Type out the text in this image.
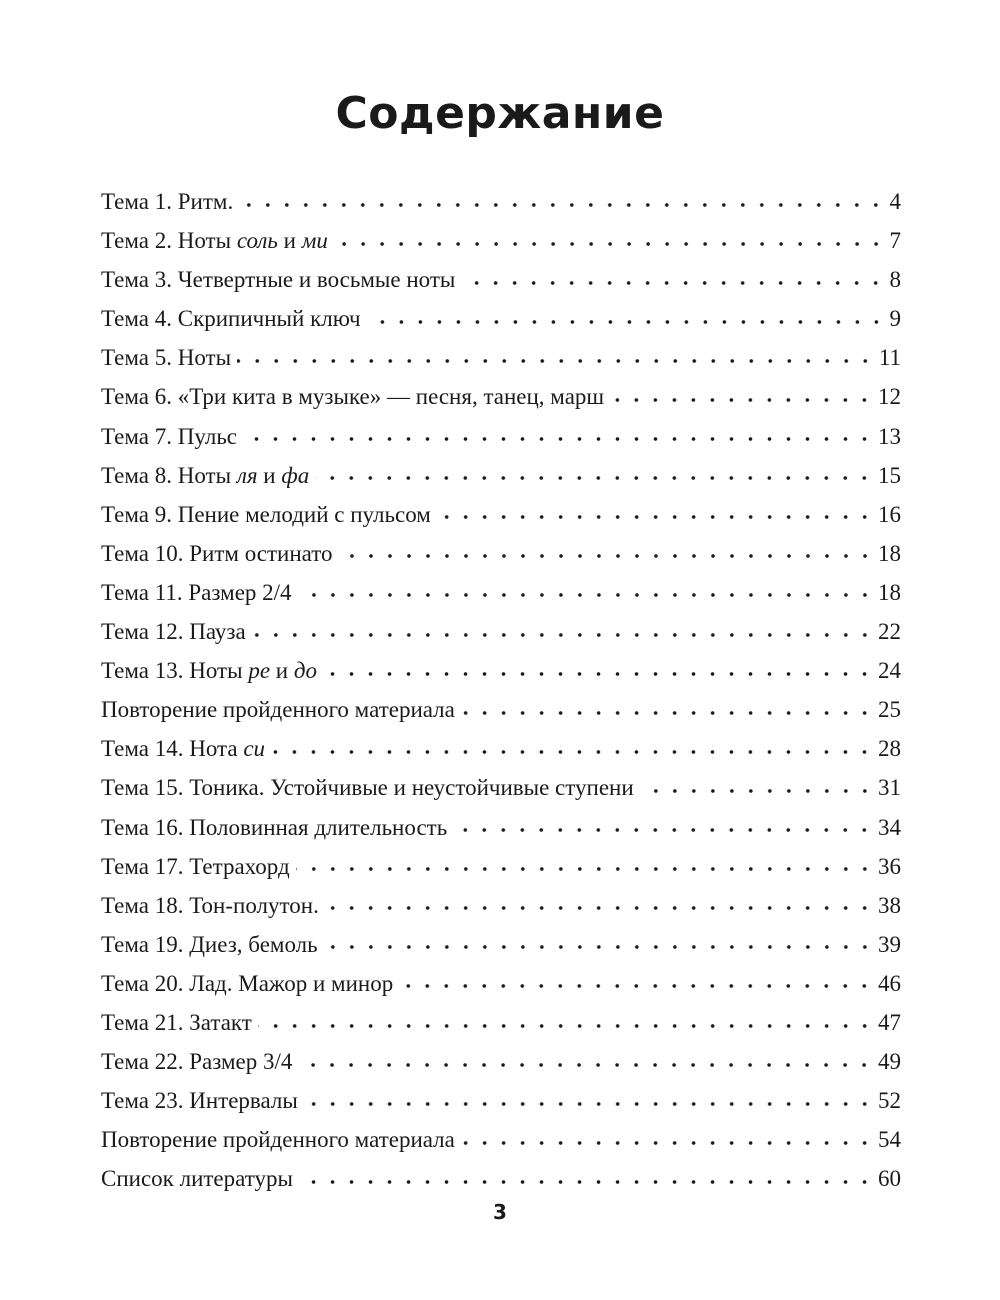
Содержание
Тема 1. Ритм.	4
Тема 2. Ноты соль и ми	7
Тема 3. Четвертные и восьмые ноты	8
Тема 4. Скрипичный ключ	9
Тема 5. Ноты	11
Тема 6. «Три кита в музыке» — песня, танец, марш	12
Тема 7. Пульс	13
Тема 8. Ноты ля и фа	15
Тема 9. Пение мелодий с пульсом	16
Тема 10. Ритм остинато	18
Тема 11. Размер 2/4	18
Тема 12. Пауза	22
Тема 13. Ноты ре и до	24
Повторение пройденного материала	25
Тема 14. Нота си	28
Тема 15. Тоника. Устойчивые и неустойчивые ступени	31
Тема 16. Половинная длительность	34
Тема 17. Тетрахорд	36
Тема 18. Тон-полутон.	38
Тема 19. Диез, бемоль	39
Тема 20. Лад. Мажор и минор	46
Тема 21. Затакт	47
Тема 22. Размер 3/4	49
Тема 23. Интервалы	52
Повторение пройденного материала	54
Список литературы	60
3
